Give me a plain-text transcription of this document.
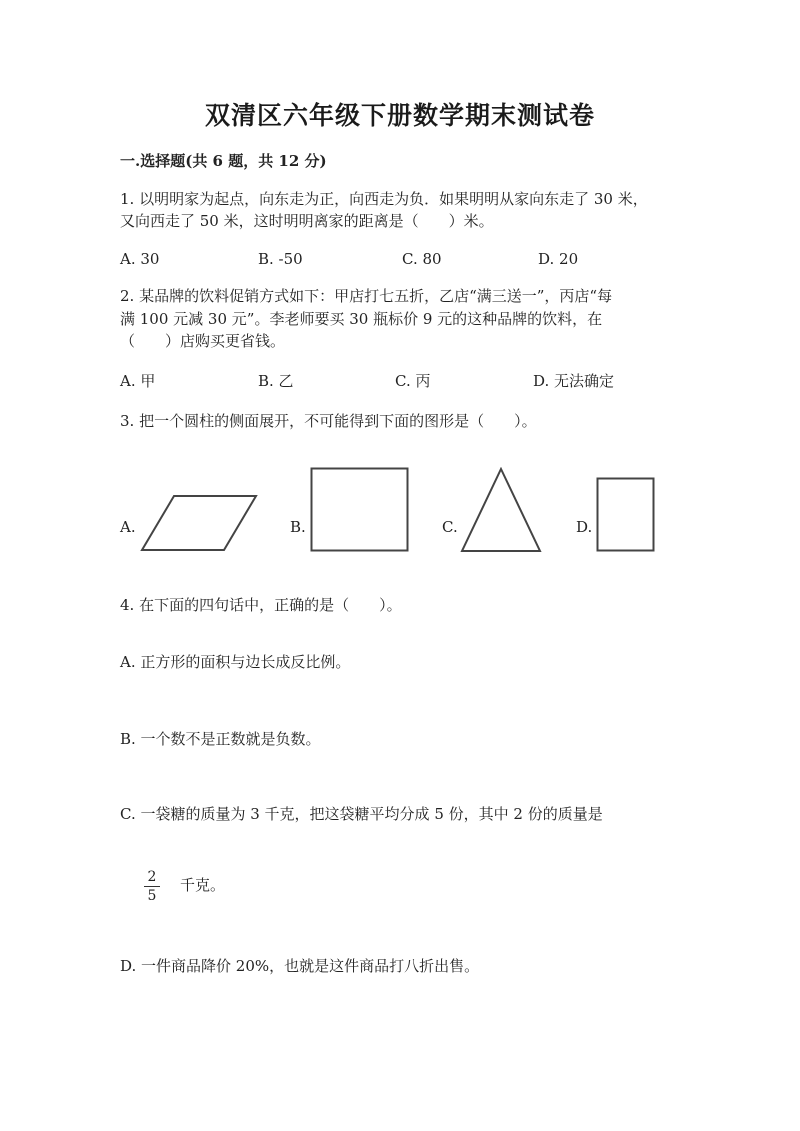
双清区六年级下册数学期末测试卷
一.选择题(共 6 题，共 12 分)
1. 以明明家为起点，向东走为正，向西走为负．如果明明从家向东走了 30 米，
又向西走了 50 米，这时明明离家的距离是（　　）米。
A. 30	B. -50	C. 80	D. 20
2. 某品牌的饮料促销方式如下：甲店打七五折，乙店“满三送一”，丙店“每
满 100 元减 30 元”。李老师要买 30 瓶标价 9 元的这种品牌的饮料，在
（　　）店购买更省钱。
A. 甲	B. 乙	C. 丙	D. 无法确定
3. 把一个圆柱的侧面展开，不可能得到下面的图形是（　　）。
A.	B.	C.	D.
4. 在下面的四句话中，正确的是（　　）。
A. 正方形的面积与边长成反比例。
B. 一个数不是正数就是负数。
C. 一袋糖的质量为 3 千克，把这袋糖平均分成 5 份，其中 2 份的质量是
$\frac{2}{5}$ 千克。
D. 一件商品降价 20%，也就是这件商品打八折出售。
